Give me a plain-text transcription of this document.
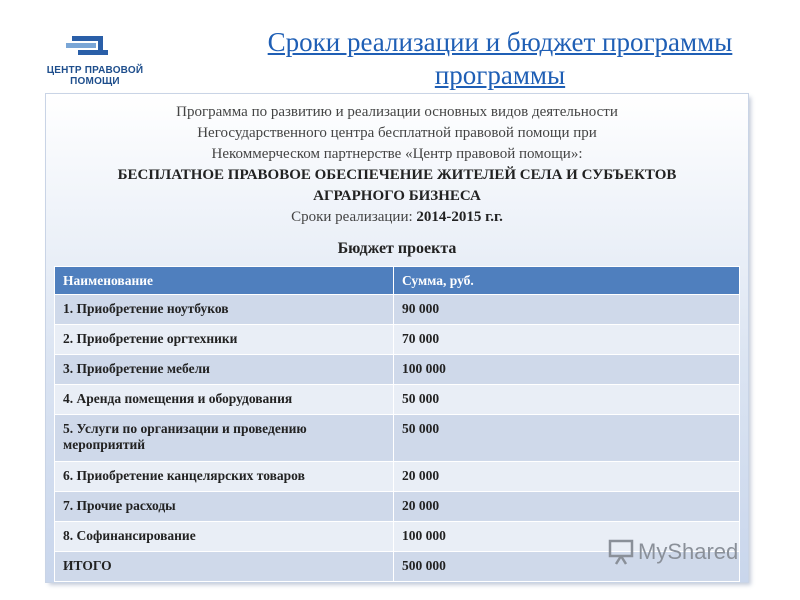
ЦЕНТР ПРАВОВОЙ ПОМОЩИ
Сроки реализации и бюджет программы программы
Программа по развитию и реализации основных видов деятельности
Негосударственного центра бесплатной правовой помощи при
Некоммерческом партнерстве «Центр правовой помощи»:
БЕСПЛАТНОЕ ПРАВОВОЕ ОБЕСПЕЧЕНИЕ ЖИТЕЛЕЙ СЕЛА И СУБЪЕКТОВ
АГРАРНОГО БИЗНЕСА
Сроки реализации: 2014-2015 г.г.
Бюджет проекта
Наименование	Сумма, руб.
1. Приобретение ноутбуков	90 000
2. Приобретение оргтехники	70 000
3. Приобретение мебели	100 000
4. Аренда помещения и оборудования	50 000
5. Услуги по организации и проведению мероприятий	50 000
6. Приобретение канцелярских товаров	20 000
7. Прочие расходы	20 000
8. Софинансирование	100 000
ИТОГО	500 000
MyShared
